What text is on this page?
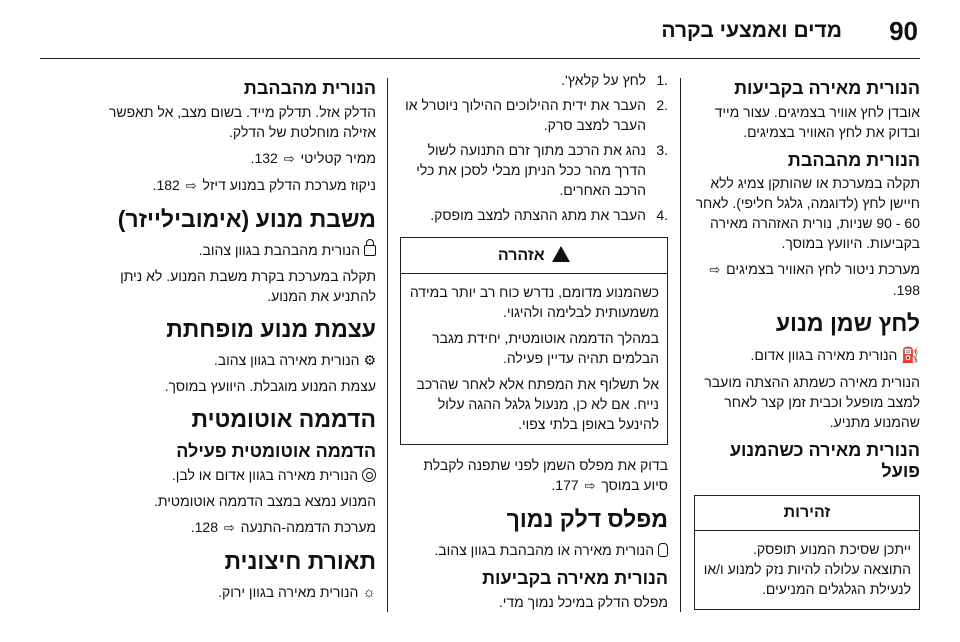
90
מדים ואמצעי בקרה
הנורית מאירה בקביעות

אובדן לחץ אוויר בצמיגים. עצור מייד ובדוק את לחץ האוויר בצמיגים.

הנורית מהבהבת

תקלה במערכת או שהותקן צמיג ללא חיישן לחץ (לדוגמה, גלגל חליפי). לאחר 60 - 90 שניות, נורית האזהרה מאירה בקביעות. היוועץ במוסך.

מערכת ניטור לחץ האוויר בצמיגים ⇨ 198.

לחץ שמן מנוע

⛽ הנורית מאירה בגוון אדום.

הנורית מאירה כשמתג ההצתה מועבר למצב מופעל וכבית זמן קצר לאחר שהמנוע מתניע.

הנורית מאירה כשהמנוע פועל
זהירות

ייתכן שסיכת המנוע תופסק. התוצאה עלולה להיות נזק למנוע ו/או לנעילת הגלגלים המניעים.

.1
לחץ על קלאץ'.
.2
העבר את ידית ההילוכים ההילוך ניוטרל או העבר למצב סרק.
.3
נהג את הרכב מתוך זרם התנועה לשול הדרך מהר ככל הניתן מבלי לסכן את כלי הרכב האחרים.
.4
העבר את מתג ההצתה למצב מופסק.
אזהרה

כשהמנוע מדומם, נדרש כוח רב יותר במידה משמעותית לבלימה ולהיגוי.

במהלך הדממה אוטומטית, יחידת מגבר הבלמים תהיה עדיין פעילה.

אל תשלוף את המפתח אלא לאחר שהרכב נייח. אם לא כן, מנעול גלגל ההגה עלול להינעל באופן בלתי צפוי.

בדוק את מפלס השמן לפני שתפנה לקבלת סיוע במוסך ⇨ 177.

מפלס דלק נמוך

הנורית מאירה או מהבהבת בגוון צהוב.

הנורית מאירה בקביעות

מפלס הדלק במיכל נמוך מדי.

הנורית מהבהבת

הדלק אזל. תדלק מייד. בשום מצב, אל תאפשר אזילה מוחלטת של הדלק.

ממיר קטליטי ⇨ 132.

ניקוז מערכת הדלק במנוע דיזל ⇨ 182.

משבת מנוע (אימובילייזר)

הנורית מהבהבת בגוון צהוב.

תקלה במערכת בקרת משבת המנוע. לא ניתן להתניע את המנוע.

עצמת מנוע מופחתת

⚙ הנורית מאירה בגוון צהוב.

עצמת המנוע מוגבלת. היוועץ במוסך.

הדממה אוטומטית
הדממה אוטומטית פעילה

הנורית מאירה בגוון אדום או לבן.

המנוע נמצא במצב הדממה אוטומטית.

מערכת הדממה-התנעה ⇨ 128.

תאורת חיצונית

☼ הנורית מאירה בגוון ירוק.
